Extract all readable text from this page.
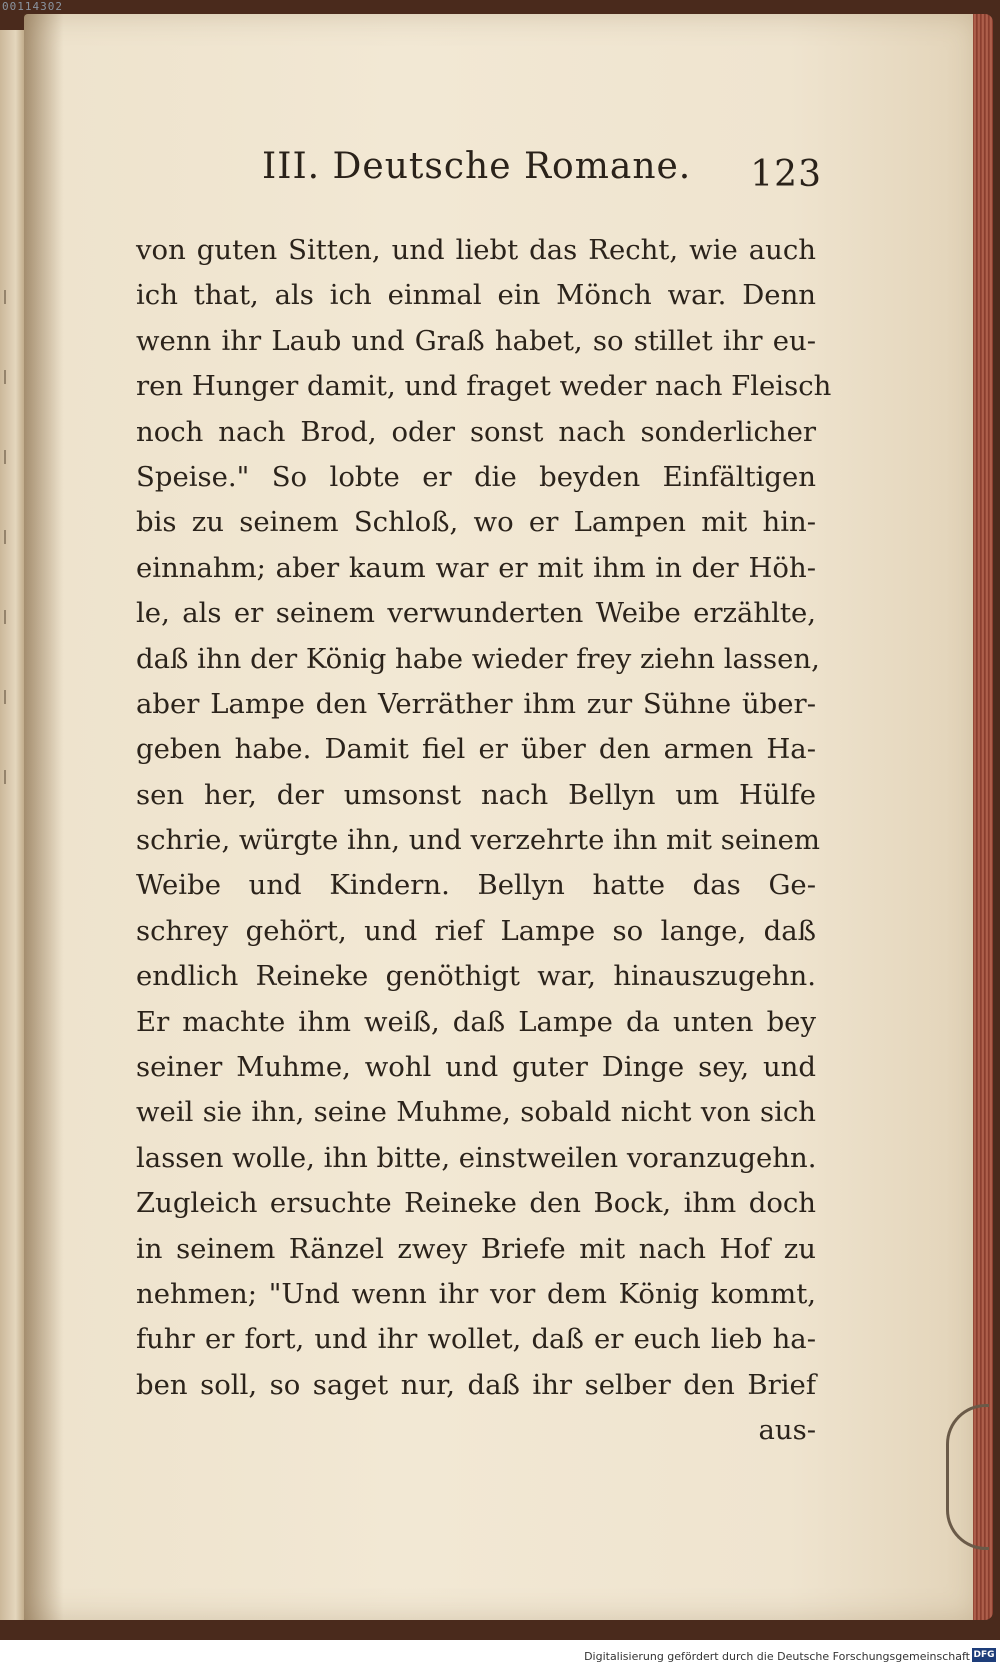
00114302
III. Deutsche Romane. 123
von guten Sitten, und liebt das Recht, wie auch
ich that, als ich einmal ein Mönch war. Denn
wenn ihr Laub und Graß habet, so stillet ihr eu-
ren Hunger damit, und fraget weder nach Fleisch
noch nach Brod, oder sonst nach sonderlicher
Speise." So lobte er die beyden Einfältigen
bis zu seinem Schloß, wo er Lampen mit hin-
einnahm; aber kaum war er mit ihm in der Höh-
le, als er seinem verwunderten Weibe erzählte,
daß ihn der König habe wieder frey ziehn lassen,
aber Lampe den Verräther ihm zur Sühne über-
geben habe. Damit fiel er über den armen Ha-
sen her, der umsonst nach Bellyn um Hülfe
schrie, würgte ihn, und verzehrte ihn mit seinem
Weibe und Kindern. Bellyn hatte das Ge-
schrey gehört, und rief Lampe so lange, daß
endlich Reineke genöthigt war, hinauszugehn.
Er machte ihm weiß, daß Lampe da unten bey
seiner Muhme, wohl und guter Dinge sey, und
weil sie ihn, seine Muhme, sobald nicht von sich
lassen wolle, ihn bitte, einstweilen voranzugehn.
Zugleich ersuchte Reineke den Bock, ihm doch
in seinem Ränzel zwey Briefe mit nach Hof zu
nehmen; "Und wenn ihr vor dem König kommt,
fuhr er fort, und ihr wollet, daß er euch lieb ha-
ben soll, so saget nur, daß ihr selber den Brief
aus-
Digitalisierung gefördert durch die Deutsche Forschungsgemeinschaft DFG
